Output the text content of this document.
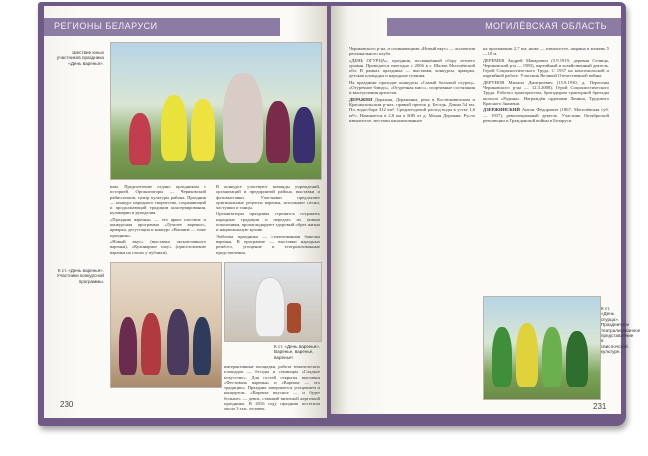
РЕГИОНЫ БЕЛАРУСИ
Шествие юных участников праздника «День варенья».

ним. Предпочтение отдано праздникам с историей. Организаторы — Чериковский райисполком, центр культуры района. Праздник — конкурс народного творчества, сохраняющий и продолжающий традиции консервирования, кулинарии и рукоделия.

«Праздник варенья» — это яркое шествие и конкурсная программа «Лучшее варенье», ярмарка, дегустация и конкурс «Вязание — тоже праздник».

«Новый вкус» (выставка эксклюзивного варенья), «Кулинарное шоу» (приготовление варенья на глазах у публики).

В конкурсе участвуют команды учреждений, организаций и предприятий района, выставки и фотовыставки. Участники предлагают оригинальные рецепты варенья, исполняют песни, частушки и танцы.

Организаторы праздника стремятся сохранить народные традиции и передать их новым поколениям, пропагандируют здоровый образ жизни и национальную кухню.

Эмблема праздника — стилизованная баночка варенья. В программе — выставки народных ремёсел, угощение и театрализованные представления.

К ст. «День варенья». Участники конкурсной программы.
К ст. «День варенья». Варенье, варенье, варенье!
интерактивные площадки, работа тематических площадок — беседы и семинары «Сладкое искусство». Для гостей открыты выставки «Фестиваль варенья» и «Варенье — это традиции». Праздник завершается угощением и концертом. «Варенье вкусное — и будет больше» — девиз, ставший визитной карточкой праздника. В 2016 году праздник посетили около 3 тыс. человек.
230
МОГИЛЁВСКАЯ ОБЛАСТЬ

Чериковского р-на, и сочиняющими «Новый вкус» — коллектив регионального клуба.

«ДЕНЬ ОГУРЦА», праздник, посвящённый сбору летнего урожая. Проводится ежегодно с 2006 в г. Шклов Могилёвской обл. В рамках праздника — выставки, конкурсы, ярмарка, детская площадка и народные гуляния.

На празднике проходят конкурсы «Самый большой огурец», «Огуречное блюдо», «Огуречная мисс», спортивные состязания и выступления артистов.

ДЕРАЖНЯ Деражня, Деражанка, река в Костюковичском и Краснопольском р-нах, правый приток р. Беседь. Длина 54 км. Пл. водосбора 312 км². Среднегодовой расход воды в устье 1,6 м³/с. Начинается в 2,8 км к ЮВ от д. Малая Деражня. Русло извилистое, местами канализованное.

на протяжении 2,7 км; ниже — извилистое, ширина в межень 5—10 м.

ДЕРЕМЕВ Андрей Макарович (5.9.1919, деревня Селища, Чериковский р-н — 1983), партийный и хозяйственный деятель. Герой Социалистического Труда. С 1937 на комсомольской и партийной работе. Участник Великой Отечественной войны.

ДЕРУНОВ Михаил Дмитриевич (15.9.1930, д. Перегоны Чериковского р-на — 12.3.2008), Герой Социалистического Труда. Работал трактористом, бригадиром тракторной бригады колхоза «Родина». Награждён орденами Ленина, Трудового Красного Знамени.

ДЗЕРЖИНСКИЙ Антон Фёдорович (1867, Могилёвская губ. — 1937), революционный деятель. Участник Октябрьской революции и Гражданской войны в Беларуси.

К ст. «День огурца». Праздничное театрализованное представление в свислочской культуре.
231
